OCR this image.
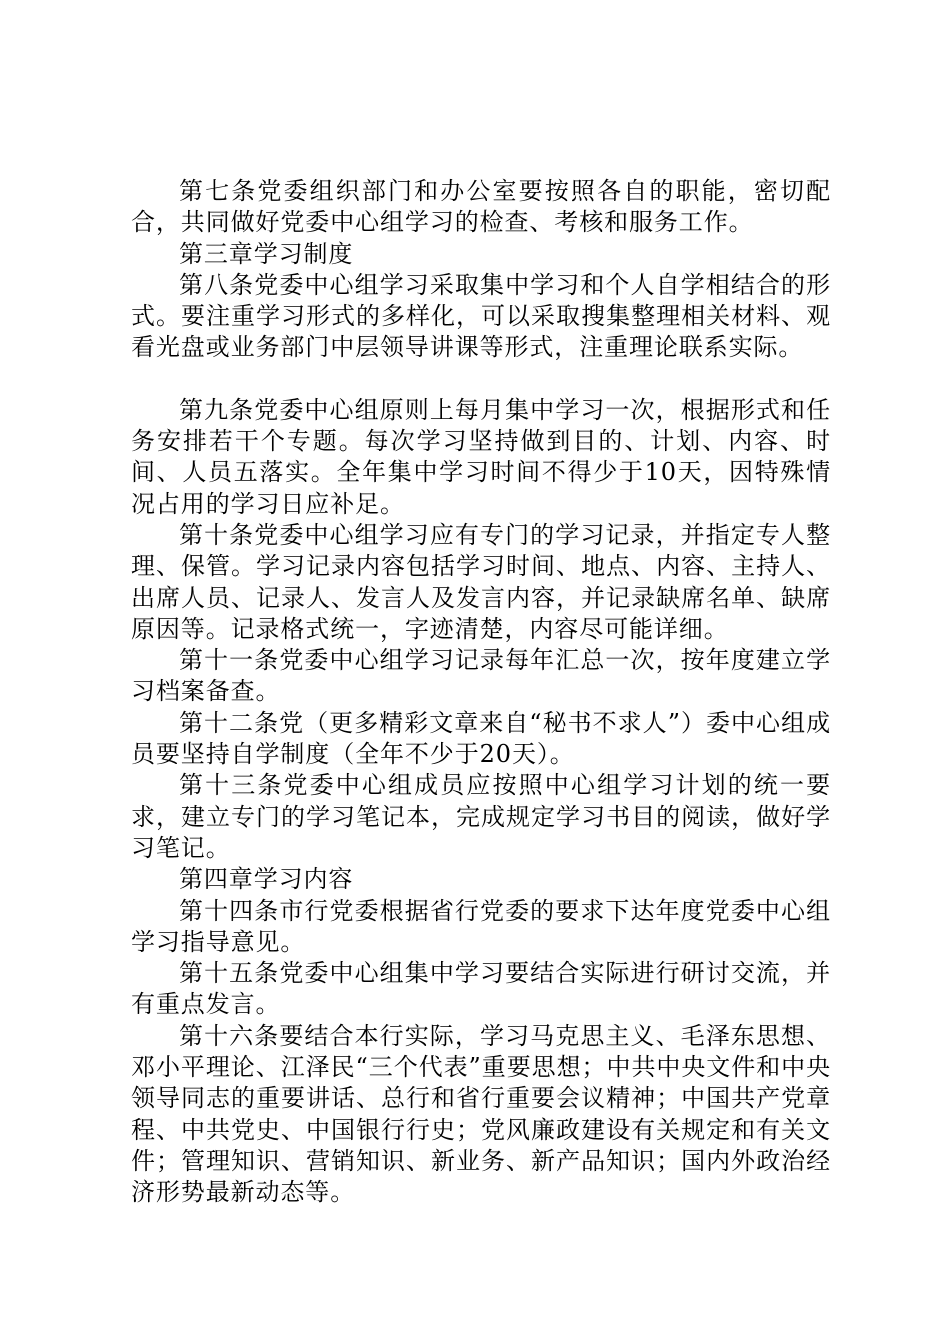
第七条党委组织部门和办公室要按照各自的职能，密切配合，共同做好党委中心组学习的检查、考核和服务工作。

第三章学习制度

第八条党委中心组学习采取集中学习和个人自学相结合的形式。要注重学习形式的多样化，可以采取搜集整理相关材料、观看光盘或业务部门中层领导讲课等形式，注重理论联系实际。

第九条党委中心组原则上每月集中学习一次，根据形式和任务安排若干个专题。每次学习坚持做到目的、计划、内容、时间、人员五落实。全年集中学习时间不得少于10天，因特殊情况占用的学习日应补足。

第十条党委中心组学习应有专门的学习记录，并指定专人整理、保管。学习记录内容包括学习时间、地点、内容、主持人、出席人员、记录人、发言人及发言内容，并记录缺席名单、缺席原因等。记录格式统一，字迹清楚，内容尽可能详细。

第十一条党委中心组学习记录每年汇总一次，按年度建立学习档案备查。

第十二条党（更多精彩文章来自“秘书不求人”）委中心组成员要坚持自学制度（全年不少于20天）。

第十三条党委中心组成员应按照中心组学习计划的统一要求，建立专门的学习笔记本，完成规定学习书目的阅读，做好学习笔记。

第四章学习内容

第十四条市行党委根据省行党委的要求下达年度党委中心组学习指导意见。

第十五条党委中心组集中学习要结合实际进行研讨交流，并有重点发言。

第十六条要结合本行实际，学习马克思主义、毛泽东思想、邓小平理论、江泽民“三个代表”重要思想；中共中央文件和中央领导同志的重要讲话、总行和省行重要会议精神；中国共产党章程、中共党史、中国银行行史；党风廉政建设有关规定和有关文件；管理知识、营销知识、新业务、新产品知识；国内外政治经济形势最新动态等。
